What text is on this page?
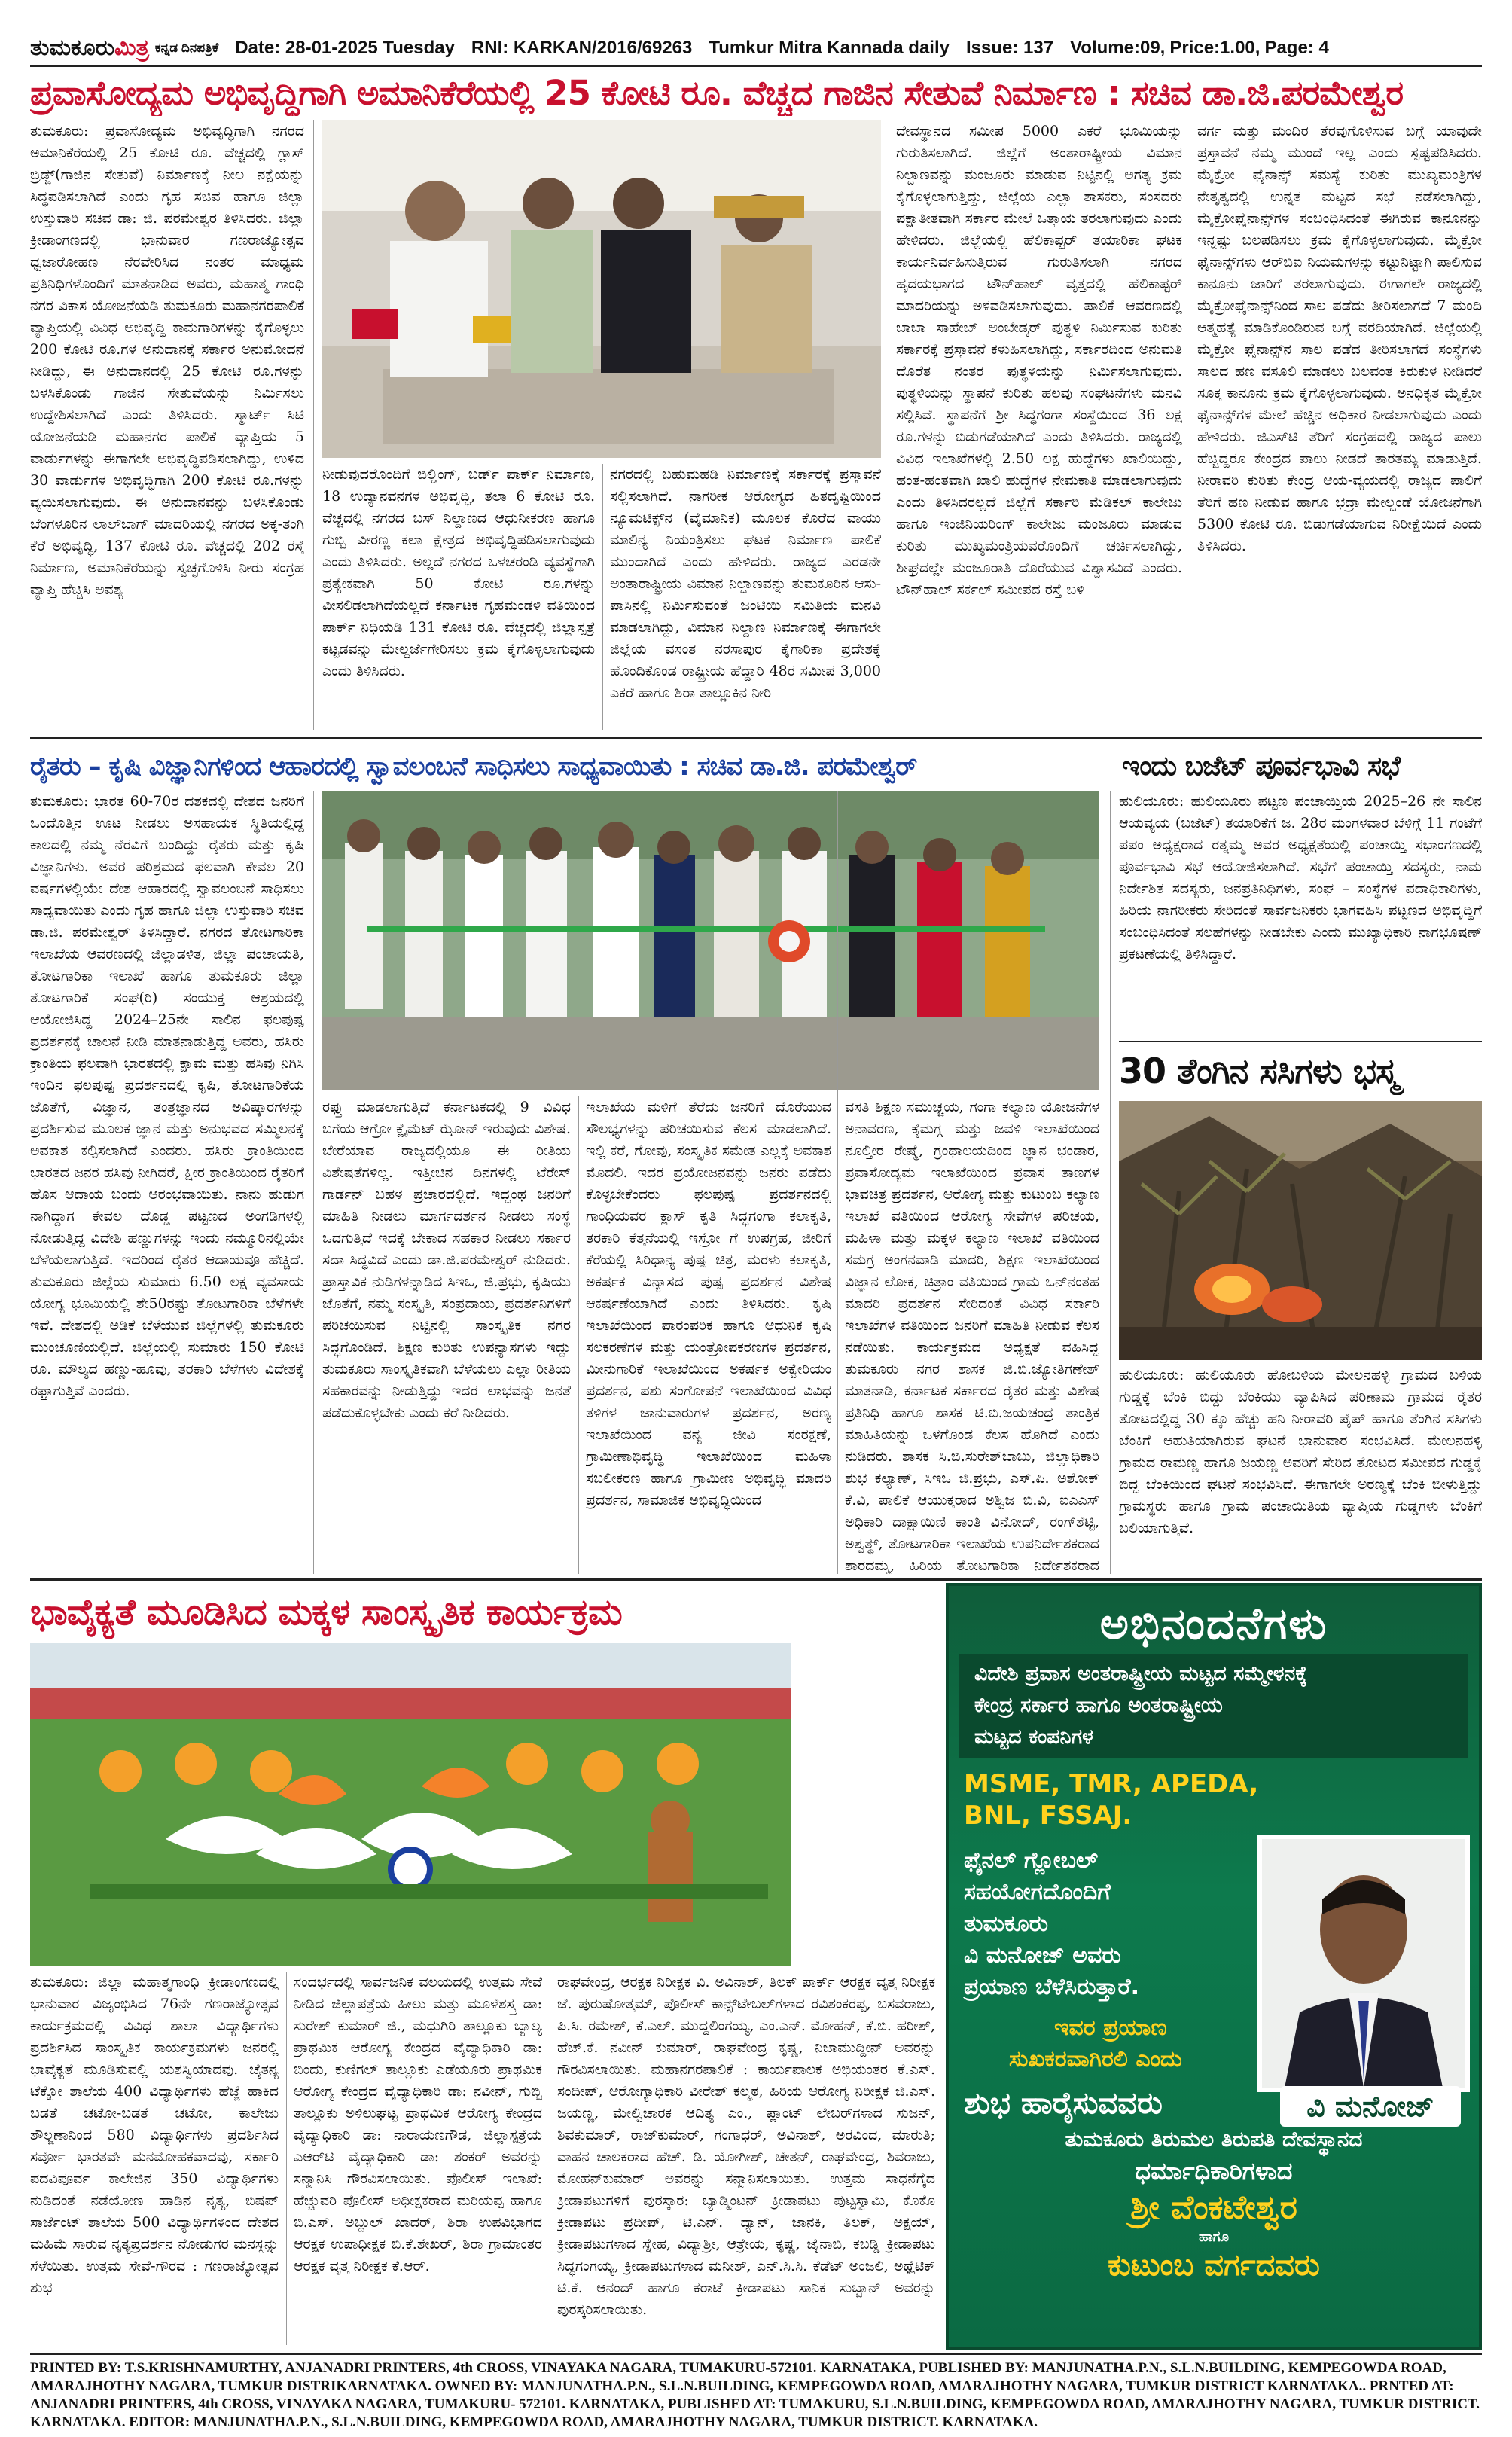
ತುಮಕೂರುಮಿತ್ರ ಕನ್ನಡ ದಿನಪತ್ರಿಕೆ Date: 28-01-2025 Tuesday RNI: KARKAN/2016/69263 Tumkur Mitra Kannada daily Issue: 137 Volume:09, Price:1.00, Page: 4
ಪ್ರವಾಸೋದ್ಯಮ ಅಭಿವೃದ್ಧಿಗಾಗಿ ಅಮಾನಿಕೆರೆಯಲ್ಲಿ 25 ಕೋಟಿ ರೂ. ವೆಚ್ಚದ ಗಾಜಿನ ಸೇತುವೆ ನಿರ್ಮಾಣ : ಸಚಿವ ಡಾ.ಜಿ.ಪರಮೇಶ್ವರ
ತುಮಕೂರು: ಪ್ರವಾಸೋದ್ಯಮ ಅಭಿವೃದ್ಧಿಗಾಗಿ ನಗರದ ಅಮಾನಿಕೆರೆಯಲ್ಲಿ 25 ಕೋಟಿ ರೂ. ವೆಚ್ಚದಲ್ಲಿ ಗ್ಲಾಸ್ ಬ್ರಿಡ್ಜ್(ಗಾಜಿನ ಸೇತುವೆ) ನಿರ್ಮಾಣಕ್ಕೆ ನೀಲ ನಕ್ಷೆಯನ್ನು ಸಿದ್ಧಪಡಿಸಲಾಗಿದೆ ಎಂದು ಗೃಹ ಸಚಿವ ಹಾಗೂ ಜಿಲ್ಲಾ ಉಸ್ತುವಾರಿ ಸಚಿವ ಡಾ: ಜಿ. ಪರಮೇಶ್ವರ ತಿಳಿಸಿದರು. ಜಿಲ್ಲಾ ಕ್ರೀಡಾಂಗಣದಲ್ಲಿ ಭಾನುವಾರ ಗಣರಾಜ್ಯೋತ್ಸವ ಧ್ವಜಾರೋಹಣ ನೆರವೇರಿಸಿದ ನಂತರ ಮಾಧ್ಯಮ ಪ್ರತಿನಿಧಿಗಳೊಂದಿಗೆ ಮಾತನಾಡಿದ ಅವರು, ಮಹಾತ್ಮ ಗಾಂಧಿ ನಗರ ವಿಕಾಸ ಯೋಜನೆಯಡಿ ತುಮಕೂರು ಮಹಾನಗರಪಾಲಿಕೆ ವ್ಯಾಪ್ತಿಯಲ್ಲಿ ವಿವಿಧ ಅಭಿವೃದ್ಧಿ ಕಾಮಗಾರಿಗಳನ್ನು ಕೈಗೊಳ್ಳಲು 200 ಕೋಟಿ ರೂ.ಗಳ ಅನುದಾನಕ್ಕೆ ಸರ್ಕಾರ ಅನುಮೋದನೆ ನೀಡಿದ್ದು, ಈ ಅನುದಾನದಲ್ಲಿ 25 ಕೋಟಿ ರೂ.ಗಳನ್ನು ಬಳಸಿಕೊಂಡು ಗಾಜಿನ ಸೇತುವೆಯನ್ನು ನಿರ್ಮಿಸಲು ಉದ್ದೇಶಿಸಲಾಗಿದೆ ಎಂದು ತಿಳಿಸಿದರು. ಸ್ಮಾರ್ಟ್ ಸಿಟಿ ಯೋಜನೆಯಡಿ ಮಹಾನಗರ ಪಾಲಿಕೆ ವ್ಯಾಪ್ತಿಯ 5 ವಾರ್ಡುಗಳನ್ನು ಈಗಾಗಲೇ ಅಭಿವೃದ್ಧಿಪಡಿಸಲಾಗಿದ್ದು, ಉಳಿದ 30 ವಾರ್ಡುಗಳ ಅಭಿವೃದ್ಧಿಗಾಗಿ 200 ಕೋಟಿ ರೂ.ಗಳನ್ನು ವ್ಯಯಿಸಲಾಗುವುದು. ಈ ಅನುದಾನವನ್ನು ಬಳಸಿಕೊಂಡು ಬೆಂಗಳೂರಿನ ಲಾಲ್‌ಬಾಗ್ ಮಾದರಿಯಲ್ಲಿ ನಗರದ ಅಕ್ಕ-ತಂಗಿ ಕೆರೆ ಅಭಿವೃದ್ಧಿ, 137 ಕೋಟಿ ರೂ. ವೆಚ್ಚದಲ್ಲಿ 202 ರಸ್ತೆ ನಿರ್ಮಾಣ, ಅಮಾನಿಕೆರೆಯನ್ನು ಸ್ವಚ್ಛಗೊಳಿಸಿ ನೀರು ಸಂಗ್ರಹ ವ್ಯಾಪ್ತಿ ಹೆಚ್ಚಿಸಿ ಅವಶ್ಯ
ನೀಡುವುದರೊಂದಿಗೆ ಬಿಲ್ಡಿಂಗ್, ಬರ್ಡ್ ಪಾರ್ಕ್ ನಿರ್ಮಾಣ, 18 ಉದ್ಯಾನವನಗಳ ಅಭಿವೃದ್ಧಿ, ತಲಾ 6 ಕೋಟಿ ರೂ. ವೆಚ್ಚದಲ್ಲಿ ನಗರದ ಬಸ್ ನಿಲ್ದಾಣದ ಆಧುನೀಕರಣ ಹಾಗೂ ಗುಬ್ಬಿ ವೀರಣ್ಣ ಕಲಾ ಕ್ಷೇತ್ರದ ಅಭಿವೃದ್ಧಿಪಡಿಸಲಾಗುವುದು ಎಂದು ತಿಳಿಸಿದರು. ಅಲ್ಲದೆ ನಗರದ ಒಳಚರಂಡಿ ವ್ಯವಸ್ಥೆಗಾಗಿ ಪ್ರತ್ಯೇಕವಾಗಿ 50 ಕೋಟಿ ರೂ.ಗಳನ್ನು ವೀಸಲಿಡಲಾಗಿದೆಯಲ್ಲದೆ ಕರ್ನಾಟಕ ಗೃಹಮಂಡಳಿ ವತಿಯಿಂದ ಪಾರ್ಕ್ ನಿಧಿಯಡಿ 131 ಕೋಟಿ ರೂ. ವೆಚ್ಚದಲ್ಲಿ ಜಿಲ್ಲಾಸ್ಪತ್ರೆ ಕಟ್ಟಡವನ್ನು ಮೇಲ್ದರ್ಜೆಗೇರಿಸಲು ಕ್ರಮ ಕೈಗೊಳ್ಳಲಾಗುವುದು ಎಂದು ತಿಳಿಸಿದರು.
ನಗರದಲ್ಲಿ ಬಹುಮಹಡಿ ನಿರ್ಮಾಣಕ್ಕೆ ಸರ್ಕಾರಕ್ಕೆ ಪ್ರಸ್ತಾವನೆ ಸಲ್ಲಿಸಲಾಗಿದೆ. ನಾಗರೀಕ ಆರೋಗ್ಯದ ಹಿತದೃಷ್ಟಿಯಿಂದ ನ್ಯೂಮಟಿಕ್ಸ್‌ನ (ವೈಮಾನಿಕ) ಮೂಲಕ ಕೊರೆದ ವಾಯು ಮಾಲಿನ್ಯ ನಿಯಂತ್ರಿಸಲು ಘಟಕ ನಿರ್ಮಾಣ ಪಾಲಿಕೆ ಮುಂದಾಗಿದೆ ಎಂದು ಹೇಳಿದರು. ರಾಜ್ಯದ ಎರಡನೇ ಅಂತಾರಾಷ್ಟ್ರೀಯ ವಿಮಾನ ನಿಲ್ದಾಣವನ್ನು ತುಮಕೂರಿನ ಆಸು-ಪಾಸಿನಲ್ಲಿ ನಿರ್ಮಿಸುವಂತೆ ಜಂಟಿಯಿ ಸಮಿತಿಯ ಮನವಿ ಮಾಡಲಾಗಿದ್ದು, ವಿಮಾನ ನಿಲ್ದಾಣ ನಿರ್ಮಾಣಕ್ಕೆ ಈಗಾಗಲೇ ಜಿಲ್ಲೆಯ ವಸಂತ ನರಸಾಪುರ ಕೈಗಾರಿಕಾ ಪ್ರದೇಶಕ್ಕೆ ಹೊಂದಿಕೊಂಡ ರಾಷ್ಟ್ರೀಯ ಹೆದ್ದಾರಿ 48ರ ಸಮೀಪ 3,000 ಎಕರೆ ಹಾಗೂ ಶಿರಾ ತಾಲ್ಲೂಕಿನ ನೀರಿ
ದೇವಸ್ಥಾನದ ಸಮೀಪ 5000 ಎಕರೆ ಭೂಮಿಯನ್ನು ಗುರುತಿಸಲಾಗಿದೆ. ಜಿಲ್ಲೆಗೆ ಅಂತಾರಾಷ್ಟ್ರೀಯ ವಿಮಾನ ನಿಲ್ದಾಣವನ್ನು ಮಂಜೂರು ಮಾಡುವ ನಿಟ್ಟಿನಲ್ಲಿ ಅಗತ್ಯ ಕ್ರಮ ಕೈಗೊಳ್ಳಲಾಗುತ್ತಿದ್ದು, ಜಿಲ್ಲೆಯ ಎಲ್ಲಾ ಶಾಸಕರು, ಸಂಸದರು ಪಕ್ಷಾತೀತವಾಗಿ ಸರ್ಕಾರ ಮೇಲೆ ಒತ್ತಾಯ ತರಲಾಗುವುದು ಎಂದು ಹೇಳಿದರು. ಜಿಲ್ಲೆಯಲ್ಲಿ ಹೆಲಿಕಾಪ್ಟರ್ ತಯಾರಿಕಾ ಘಟಕ ಕಾರ್ಯನಿರ್ವಹಿಸುತ್ತಿರುವ ಗುರುತಿಸಲಾಗಿ ನಗರದ ಹೃದಯಭಾಗದ ಟೌನ್‌ಹಾಲ್ ವೃತ್ತದಲ್ಲಿ ಹೆಲಿಕಾಪ್ಟರ್ ಮಾದರಿಯನ್ನು ಅಳವಡಿಸಲಾಗುವುದು. ಪಾಲಿಕೆ ಆವರಣದಲ್ಲಿ ಬಾಬಾ ಸಾಹೇಬ್ ಅಂಬೇಡ್ಕರ್ ಪುತ್ಥಳಿ ನಿರ್ಮಿಸುವ ಕುರಿತು ಸರ್ಕಾರಕ್ಕೆ ಪ್ರಸ್ತಾವನೆ ಕಳುಹಿಸಲಾಗಿದ್ದು, ಸರ್ಕಾರದಿಂದ ಅನುಮತಿ ದೊರೆತ ನಂತರ ಪುತ್ಥಳಿಯನ್ನು ನಿರ್ಮಿಸಲಾಗುವುದು. ಪುತ್ಥಳಿಯನ್ನು ಸ್ಥಾಪನೆ ಕುರಿತು ಹಲವು ಸಂಘಟನೆಗಳು ಮನವಿ ಸಲ್ಲಿಸಿವೆ. ಸ್ಥಾಪನೆಗೆ ಶ್ರೀ ಸಿದ್ಧಗಂಗಾ ಸಂಸ್ಥೆಯಿಂದ 36 ಲಕ್ಷ ರೂ.ಗಳನ್ನು ಬಿಡುಗಡೆಯಾಗಿದೆ ಎಂದು ತಿಳಿಸಿದರು. ರಾಜ್ಯದಲ್ಲಿ ವಿವಿಧ ಇಲಾಖೆಗಳಲ್ಲಿ 2.50 ಲಕ್ಷ ಹುದ್ದೆಗಳು ಖಾಲಿಯಿದ್ದು, ಹಂತ-ಹಂತವಾಗಿ ಖಾಲಿ ಹುದ್ದೆಗಳ ನೇಮಕಾತಿ ಮಾಡಲಾಗುವುದು ಎಂದು ತಿಳಿಸಿದರಲ್ಲದೆ ಜಿಲ್ಲೆಗೆ ಸರ್ಕಾರಿ ಮೆಡಿಕಲ್ ಕಾಲೇಜು ಹಾಗೂ ಇಂಜಿನಿಯರಿಂಗ್ ಕಾಲೇಜು ಮಂಜೂರು ಮಾಡುವ ಕುರಿತು ಮುಖ್ಯಮಂತ್ರಿಯವರೊಂದಿಗೆ ಚರ್ಚಿಸಲಾಗಿದ್ದು, ಶೀಘ್ರದಲ್ಲೇ ಮಂಜೂರಾತಿ ದೊರೆಯುವ ವಿಶ್ವಾಸವಿದೆ ಎಂದರು. ಟೌನ್‌ಹಾಲ್ ಸರ್ಕಲ್ ಸಮೀಪದ ರಸ್ತೆ ಬಳಿ
ವರ್ಗ ಮತ್ತು ಮಂದಿರ ತೆರವುಗೊಳಿಸುವ ಬಗ್ಗೆ ಯಾವುದೇ ಪ್ರಸ್ತಾವನೆ ನಮ್ಮ ಮುಂದೆ ಇಲ್ಲ ಎಂದು ಸ್ಪಷ್ಟಪಡಿಸಿದರು. ಮೈಕ್ರೋ ಫೈನಾನ್ಸ್ ಸಮಸ್ಯೆ ಕುರಿತು ಮುಖ್ಯಮಂತ್ರಿಗಳ ನೇತೃತ್ವದಲ್ಲಿ ಉನ್ನತ ಮಟ್ಟದ ಸಭೆ ನಡೆಸಲಾಗಿದ್ದು, ಮೈಕ್ರೋಫೈನಾನ್ಸ್‌ಗಳ ಸಂಬಂಧಿಸಿದಂತೆ ಈಗಿರುವ ಕಾನೂನನ್ನು ಇನ್ನಷ್ಟು ಬಲಪಡಿಸಲು ಕ್ರಮ ಕೈಗೊಳ್ಳಲಾಗುವುದು. ಮೈಕ್ರೋ ಫೈನಾನ್ಸ್‌ಗಳು ಆರ್‌ಬಿಐ ನಿಯಮಗಳನ್ನು ಕಟ್ಟುನಿಟ್ಟಾಗಿ ಪಾಲಿಸುವ ಕಾನೂನು ಜಾರಿಗೆ ತರಲಾಗುವುದು. ಈಗಾಗಲೇ ರಾಜ್ಯದಲ್ಲಿ ಮೈಕ್ರೋಫೈನಾನ್ಸ್‌ನಿಂದ ಸಾಲ ಪಡೆದು ತೀರಿಸಲಾಗದೆ 7 ಮಂದಿ ಆತ್ಮಹತ್ಯೆ ಮಾಡಿಕೊಂಡಿರುವ ಬಗ್ಗೆ ವರದಿಯಾಗಿದೆ. ಜಿಲ್ಲೆಯಲ್ಲಿ ಮೈಕ್ರೋ ಫೈನಾನ್ಸ್‌ನ ಸಾಲ ಪಡೆದ ತೀರಿಸಲಾಗದೆ ಸಂಸ್ಥೆಗಳು ಸಾಲದ ಹಣ ವಸೂಲಿ ಮಾಡಲು ಬಲವಂತ ಕಿರುಕುಳ ನೀಡಿದರೆ ಸೂಕ್ತ ಕಾನೂನು ಕ್ರಮ ಕೈಗೊಳ್ಳಲಾಗುವುದು. ಅನಧಿಕೃತ ಮೈಕ್ರೋ ಫೈನಾನ್ಸ್‌ಗಳ ಮೇಲೆ ಹೆಚ್ಚಿನ ಅಧಿಕಾರ ನೀಡಲಾಗುವುದು ಎಂದು ಹೇಳಿದರು. ಜಿಎಸ್‌ಟಿ ತೆರಿಗೆ ಸಂಗ್ರಹದಲ್ಲಿ ರಾಜ್ಯದ ಪಾಲು ಹೆಚ್ಚಿದ್ದರೂ ಕೇಂದ್ರದ ಪಾಲು ನೀಡದೆ ತಾರತಮ್ಯ ಮಾಡುತ್ತಿದೆ. ನೀರಾವರಿ ಕುರಿತು ಕೇಂದ್ರ ಆಯ-ವ್ಯಯದಲ್ಲಿ ರಾಜ್ಯದ ಪಾಲಿಗೆ ತೆರಿಗೆ ಹಣ ನೀಡುವ ಹಾಗೂ ಭದ್ರಾ ಮೇಲ್ದಂಡೆ ಯೋಜನೆಗಾಗಿ 5300 ಕೋಟಿ ರೂ. ಬಿಡುಗಡೆಯಾಗುವ ನಿರೀಕ್ಷೆಯಿದೆ ಎಂದು ತಿಳಿಸಿದರು.
ರೈತರು – ಕೃಷಿ ವಿಜ್ಞಾನಿಗಳಿಂದ ಆಹಾರದಲ್ಲಿ ಸ್ವಾವಲಂಬನೆ ಸಾಧಿಸಲು ಸಾಧ್ಯವಾಯಿತು : ಸಚಿವ ಡಾ.ಜಿ. ಪರಮೇಶ್ವರ್	ಇಂದು ಬಜೆಟ್ ಪೂರ್ವಭಾವಿ ಸಭೆ
ತುಮಕೂರು: ಭಾರತ 60-70ರ ದಶಕದಲ್ಲಿ ದೇಶದ ಜನರಿಗೆ ಒಂದೊತ್ತಿನ ಊಟ ನೀಡಲು ಅಸಹಾಯಕ ಸ್ಥಿತಿಯಲ್ಲಿದ್ದ ಕಾಲದಲ್ಲಿ ನಮ್ಮ ನೆರವಿಗೆ ಬಂದಿದ್ದು ರೈತರು ಮತ್ತು ಕೃಷಿ ವಿಜ್ಞಾನಿಗಳು. ಅವರ ಪರಿಶ್ರಮದ ಫಲವಾಗಿ ಕೇವಲ 20 ವರ್ಷಗಳಲ್ಲಿಯೇ ದೇಶ ಆಹಾರದಲ್ಲಿ ಸ್ವಾವಲಂಬನೆ ಸಾಧಿಸಲು ಸಾಧ್ಯವಾಯಿತು ಎಂದು ಗೃಹ ಹಾಗೂ ಜಿಲ್ಲಾ ಉಸ್ತುವಾರಿ ಸಚಿವ ಡಾ.ಜಿ. ಪರಮೇಶ್ವರ್ ತಿಳಿಸಿದ್ದಾರೆ. ನಗರದ ತೋಟಗಾರಿಕಾ ಇಲಾಖೆಯ ಆವರಣದಲ್ಲಿ ಜಿಲ್ಲಾಡಳಿತ, ಜಿಲ್ಲಾ ಪಂಚಾಯತಿ, ತೋಟಗಾರಿಕಾ ಇಲಾಖೆ ಹಾಗೂ ತುಮಕೂರು ಜಿಲ್ಲಾ ತೋಟಗಾರಿಕೆ ಸಂಘ(ರಿ) ಸಂಯುಕ್ತ ಆಶ್ರಯದಲ್ಲಿ ಆಯೋಜಿಸಿದ್ದ 2024–25ನೇ ಸಾಲಿನ ಫಲಪುಷ್ಪ ಪ್ರದರ್ಶನಕ್ಕೆ ಚಾಲನೆ ನೀಡಿ ಮಾತನಾಡುತ್ತಿದ್ದ ಅವರು, ಹಸಿರು ಕ್ರಾಂತಿಯ ಫಲವಾಗಿ ಭಾರತದಲ್ಲಿ ಕ್ಷಾಮ ಮತ್ತು ಹಸಿವು ನಿಗಿಸಿ ಇಂದಿನ ಫಲಪುಷ್ಪ ಪ್ರದರ್ಶನದಲ್ಲಿ ಕೃಷಿ, ತೋಟಗಾರಿಕೆಯ ಜೊತೆಗೆ, ವಿಜ್ಞಾನ, ತಂತ್ರಜ್ಞಾನದ ಅವಿಷ್ಕಾರಗಳನ್ನು ಪ್ರದರ್ಶಿಸುವ ಮೂಲಕ ಜ್ಞಾನ ಮತ್ತು ಅನುಭವದ ಸಮ್ಮಿಲನಕ್ಕೆ ಅವಕಾಶ ಕಲ್ಪಿಸಲಾಗಿದೆ ಎಂದರು. ಹಸಿರು ಕ್ರಾಂತಿಯಿಂದ ಭಾರತದ ಜನರ ಹಸಿವು ನೀಗಿದರೆ, ಕ್ಷೀರ ಕ್ರಾಂತಿಯಿಂದ ರೈತರಿಗೆ ಹೊಸ ಆದಾಯ ಬಂದು ಆರಂಭವಾಯಿತು. ನಾನು ಹುಡುಗ ನಾಗಿದ್ದಾಗ ಕೇವಲ ದೊಡ್ಡ ಪಟ್ಟಣದ ಅಂಗಡಿಗಳಲ್ಲಿ ನೋಡುತ್ತಿದ್ದ ವಿದೇಶಿ ಹಣ್ಣುಗಳನ್ನು ಇಂದು ನಮ್ಮೂರಿನಲ್ಲಿಯೇ ಬೆಳೆಯಲಾಗುತ್ತಿದೆ. ಇದರಿಂದ ರೈತರ ಆದಾಯವೂ ಹೆಚ್ಚಿದೆ. ತುಮಕೂರು ಜಿಲ್ಲೆಯ ಸುಮಾರು 6.50 ಲಕ್ಷ ವ್ಯವಸಾಯ ಯೋಗ್ಯ ಭೂಮಿಯಲ್ಲಿ ಶೇ50ರಷ್ಟು ತೋಟಗಾರಿಕಾ ಬೆಳೆಗಳೇ ಇವೆ. ದೇಶದಲ್ಲಿ ಅಡಿಕೆ ಬೆಳೆಯುವ ಜಿಲ್ಲೆಗಳಲ್ಲಿ ತುಮಕೂರು ಮುಂಚೂಣಿಯಲ್ಲಿದೆ. ಜಿಲ್ಲೆಯಲ್ಲಿ ಸುಮಾರು 150 ಕೋಟಿ ರೂ. ಮೌಲ್ಯದ ಹಣ್ಣು-ಹೂವು, ತರಕಾರಿ ಬೆಳೆಗಳು ವಿದೇಶಕ್ಕೆ ರಫ್ತಾಗುತ್ತಿವೆ ಎಂದರು.
ರಫ್ತು ಮಾಡಲಾಗುತ್ತಿದೆ ಕರ್ನಾಟಕದಲ್ಲಿ 9 ವಿವಿಧ ಬಗೆಯ ಆಗ್ರೋ ಕ್ಲೈಮೆಟ್ ಝೋನ್ ಇರುವುದು ವಿಶೇಷ. ಬೇರೆಯಾವ ರಾಜ್ಯದಲ್ಲಿಯೂ ಈ ರೀತಿಯ ವಿಶೇಷತೆಗಳಿಲ್ಲ. ಇತ್ತೀಚಿನ ದಿನಗಳಲ್ಲಿ ಟೆರೇಸ್ ಗಾರ್ಡನ್ ಬಹಳ ಪ್ರಚಾರದಲ್ಲಿದೆ. ಇದ್ದಂಥ ಜನರಿಗೆ ಮಾಹಿತಿ ನೀಡಲು ಮಾರ್ಗದರ್ಶನ ನೀಡಲು ಸಂಸ್ಥೆ ಒದಗುತ್ತಿದೆ ಇದಕ್ಕೆ ಬೇಕಾದ ಸಹಕಾರ ನೀಡಲು ಸರ್ಕಾರ ಸದಾ ಸಿದ್ಧವಿದೆ ಎಂದು ಡಾ.ಜಿ.ಪರಮೇಶ್ವರ್ ನುಡಿದರು. ಪ್ರಾಸ್ತಾವಿಕ ನುಡಿಗಳನ್ನಾಡಿದ ಸಿಇಒ, ಜಿ.ಪ್ರಭು, ಕೃಷಿಯು ಜೊತೆಗೆ, ನಮ್ಮ ಸಂಸ್ಕೃತಿ, ಸಂಪ್ರದಾಯ, ಪ್ರದರ್ಶನಿಗಳಿಗೆ ಪರಿಚಯಿಸುವ ನಿಟ್ಟಿನಲ್ಲಿ ಸಾಂಸ್ಕೃತಿಕ ನಗರ ಸಿದ್ಧಗೊಂಡಿದೆ. ಶಿಕ್ಷಣ ಕುರಿತು ಉಪನ್ಯಾಸಗಳು ಇದ್ದು ತುಮಕೂರು ಸಾಂಸ್ಕೃತಿಕವಾಗಿ ಬೆಳೆಯಲು ಎಲ್ಲಾ ರೀತಿಯ ಸಹಕಾರವನ್ನು ನೀಡುತ್ತಿದ್ದು ಇದರ ಲಾಭವನ್ನು ಜನತೆ ಪಡೆದುಕೊಳ್ಳಬೇಕು ಎಂದು ಕರೆ ನೀಡಿದರು.
ಇಲಾಖೆಯ ಮಳಿಗೆ ತೆರೆದು ಜನರಿಗೆ ದೊರೆಯುವ ಸೌಲಭ್ಯಗಳನ್ನು ಪರಿಚಯಿಸುವ ಕೆಲಸ ಮಾಡಲಾಗಿದೆ. ಇಲ್ಲಿ ಕರೆ, ಗೋವು, ಸಂಸ್ಕೃತಿಕ ಸಮೇತ ಎಲ್ಲಕ್ಕೆ ಅವಕಾಶ ಮೊದಲಿ. ಇದರ ಪ್ರಯೋಜನವನ್ನು ಜನರು ಪಡೆದು ಕೊಳ್ಳಬೇಕೆಂದರು ಫಲಪುಷ್ಪ ಪ್ರದರ್ಶನದಲ್ಲಿ ಗಾಂಧಿಯವರ ಕ್ಲಾಸ್ ಕೃತಿ ಸಿದ್ಧಗಂಗಾ ಕಲಾಕೃತಿ, ತರಕಾರಿ ಕೆತ್ತನೆಯಲ್ಲಿ ಇಸ್ರೋ ಗೆ ಉಪಗ್ರಹ, ಜೀರಿಗೆ ಕೆರೆಯಲ್ಲಿ ಸಿರಿಧಾನ್ಯ ಪುಷ್ಪ ಚಿತ್ರ, ಮರಳು ಕಲಾಕೃತಿ, ಅಕರ್ಷಕ ವಿನ್ಯಾಸದ ಪುಷ್ಪ ಪ್ರದರ್ಶನ ವಿಶೇಷ ಆಕರ್ಷಣೆಯಾಗಿದೆ ಎಂದು ತಿಳಿಸಿದರು. ಕೃಷಿ ಇಲಾಖೆಯಿಂದ ಪಾರಂಪರಿಕ ಹಾಗೂ ಆಧುನಿಕ ಕೃಷಿ ಸಲಕರಣೆಗಳ ಮತ್ತು ಯಂತ್ರೋಪಕರಣಗಳ ಪ್ರದರ್ಶನ, ಮೀನುಗಾರಿಕೆ ಇಲಾಖೆಯಿಂದ ಅಕರ್ಷಕ ಅಕ್ವೇರಿಯಂ ಪ್ರದರ್ಶನ, ಪಶು ಸಂಗೋಪನೆ ಇಲಾಖೆಯಿಂದ ವಿವಿಧ ತಳಿಗಳ ಜಾನುವಾರುಗಳ ಪ್ರದರ್ಶನ, ಅರಣ್ಯ ಇಲಾಖೆಯಿಂದ ವನ್ಯ ಜೀವಿ ಸಂರಕ್ಷಣೆ, ಗ್ರಾಮೀಣಾಭಿವೃದ್ಧಿ ಇಲಾಖೆಯಿಂದ ಮಹಿಳಾ ಸಬಲೀಕರಣ ಹಾಗೂ ಗ್ರಾಮೀಣ ಅಭಿವೃದ್ಧಿ ಮಾದರಿ ಪ್ರದರ್ಶನ, ಸಾಮಾಜಿಕ ಅಭಿವೃದ್ಧಿಯಿಂದ
ವಸತಿ ಶಿಕ್ಷಣ ಸಮುಚ್ಚಯ, ಗಂಗಾ ಕಲ್ಯಾಣ ಯೋಜನೆಗಳ ಅನಾವರಣ, ಕೈಮಗ್ಗ ಮತ್ತು ಜವಳಿ ಇಲಾಖೆಯಿಂದ ನೂಲ್ತೀರ ರೇಷ್ಮೆ, ಗ್ರಂಥಾಲಯದಿಂದ ಜ್ಞಾನ ಭಂಡಾರ, ಪ್ರವಾಸೋದ್ಯಮ ಇಲಾಖೆಯಿಂದ ಪ್ರವಾಸ ತಾಣಗಳ ಭಾವಚಿತ್ರ ಪ್ರದರ್ಶನ, ಆರೋಗ್ಯ ಮತ್ತು ಕುಟುಂಬ ಕಲ್ಯಾಣ ಇಲಾಖೆ ವತಿಯಿಂದ ಆರೋಗ್ಯ ಸೇವೆಗಳ ಪರಿಚಯ, ಮಹಿಳಾ ಮತ್ತು ಮಕ್ಕಳ ಕಲ್ಯಾಣ ಇಲಾಖೆ ವತಿಯಿಂದ ಸಮಗ್ರ ಅಂಗನವಾಡಿ ಮಾದರಿ, ಶಿಕ್ಷಣ ಇಲಾಖೆಯಿಂದ ವಿಜ್ಞಾನ ಲೋಕ, ಚಿತ್ರಾಂ ವತಿಯಿಂದ ಗ್ರಾಮ ಒನ್‌ನಂತಹ ಮಾದರಿ ಪ್ರದರ್ಶನ ಸೇರಿದಂತೆ ವಿವಿಧ ಸರ್ಕಾರಿ ಇಲಾಖೆಗಳ ವತಿಯಿಂದ ಜನರಿಗೆ ಮಾಹಿತಿ ನೀಡುವ ಕೆಲಸ ನಡೆಯಿತು. ಕಾರ್ಯಕ್ರಮದ ಅಧ್ಯಕ್ಷತೆ ವಹಿಸಿದ್ದ ತುಮಕೂರು ನಗರ ಶಾಸಕ ಜಿ.ಬಿ.ಜ್ಯೋತಿಗಣೇಶ್ ಮಾತನಾಡಿ, ಕರ್ನಾಟಕ ಸರ್ಕಾರದ ರೈತರ ಮತ್ತು ವಿಶೇಷ ಪ್ರತಿನಿಧಿ ಹಾಗೂ ಶಾಸಕ ಟಿ.ಬಿ.ಜಯಚಂದ್ರ ತಾಂತ್ರಿಕ ಮಾಹಿತಿಯನ್ನು ಒಳಗೊಂಡ ಕೆಲಸ ಹೊಗಿದೆ ಎಂದು ನುಡಿದರು. ಶಾಸಕ ಸಿ.ಬಿ.ಸುರೇಶ್‌ಬಾಬು, ಜಿಲ್ಲಾಧಿಕಾರಿ ಶುಭ ಕಲ್ಯಾಣ್, ಸಿಇಒ ಜಿ.ಪ್ರಭು, ಎಸ್.ಪಿ. ಅಶೋಕ್ ಕೆ.ವಿ, ಪಾಲಿಕೆ ಆಯುಕ್ತರಾದ ಅಶ್ವಿಜ ಬಿ.ವಿ, ಐಎಎಸ್ ಅಧಿಕಾರಿ ದಾಕ್ಷಾಯಿಣಿ ಕಾಂತಿ ವಿನೋದ್, ರಂಗ್‌ಶೆಟ್ಟಿ, ಅಶ್ವತ್ಥ್, ತೋಟಗಾರಿಕಾ ಇಲಾಖೆಯ ಉಪನಿರ್ದೇಶಕರಾದ ಶಾರದಮ್ಮ, ಹಿರಿಯ ತೋಟಗಾರಿಕಾ ನಿರ್ದೇಶಕರಾದ
ಹುಲಿಯೂರು: ಹುಲಿಯೂರು ಪಟ್ಟಣ ಪಂಚಾಯ್ತಿಯ 2025–26 ನೇ ಸಾಲಿನ ಆಯವ್ಯಯ (ಬಜೆಟ್) ತಯಾರಿಕೆಗೆ ಜ. 28ರ ಮಂಗಳವಾರ ಬೆಳಿಗ್ಗೆ 11 ಗಂಟೆಗೆ ಪಪಂ ಅಧ್ಯಕ್ಷರಾದ ರತ್ನಮ್ಮ ಅವರ ಅಧ್ಯಕ್ಷತೆಯಲ್ಲಿ ಪಂಚಾಯ್ತಿ ಸಭಾಂಗಣದಲ್ಲಿ ಪೂರ್ವಭಾವಿ ಸಭೆ ಆಯೋಜಿಸಲಾಗಿದೆ. ಸಭೆಗೆ ಪಂಚಾಯ್ತಿ ಸದಸ್ಯರು, ನಾಮ ನಿರ್ದೇಶಿತ ಸದಸ್ಯರು, ಜನಪ್ರತಿನಿಧಿಗಳು, ಸಂಘ – ಸಂಸ್ಥೆಗಳ ಪದಾಧಿಕಾರಿಗಳು, ಹಿರಿಯ ನಾಗರೀಕರು ಸೇರಿದಂತೆ ಸಾರ್ವಜನಿಕರು ಭಾಗವಹಿಸಿ ಪಟ್ಟಣದ ಅಭಿವೃದ್ಧಿಗೆ ಸಂಬಂಧಿಸಿದಂತೆ ಸಲಹೆಗಳನ್ನು ನೀಡಬೇಕು ಎಂದು ಮುಖ್ಯಾಧಿಕಾರಿ ನಾಗಭೂಷಣ್ ಪ್ರಕಟಣೆಯಲ್ಲಿ ತಿಳಿಸಿದ್ದಾರೆ.
30 ತೆಂಗಿನ ಸಸಿಗಳು ಭಸ್ಮ
ಹುಲಿಯೂರು: ಹುಲಿಯೂರು ಹೋಬಳಿಯ ಮೇಲನಹಳ್ಳಿ ಗ್ರಾಮದ ಬಳಿಯ ಗುಡ್ಡಕ್ಕೆ ಬೆಂಕಿ ಬಿದ್ದು ಬೆಂಕಿಯು ವ್ಯಾಪಿಸಿದ ಪರಿಣಾಮ ಗ್ರಾಮದ ರೈತರ ತೋಟದಲ್ಲಿದ್ದ 30 ಕ್ಕೂ ಹೆಚ್ಚು ಹನಿ ನೀರಾವರಿ ಪೈಪ್ ಹಾಗೂ ತೆಂಗಿನ ಸಸಿಗಳು ಬೆಂಕಿಗೆ ಆಹುತಿಯಾಗಿರುವ ಘಟನೆ ಭಾನುವಾರ ಸಂಭವಿಸಿದೆ. ಮೇಲನಹಳ್ಳಿ ಗ್ರಾಮದ ರಾಮಣ್ಣ ಹಾಗೂ ಜಯಣ್ಣ ಅವರಿಗೆ ಸೇರಿದ ತೋಟದ ಸಮೀಪದ ಗುಡ್ಡಕ್ಕೆ ಬಿದ್ದ ಬೆಂಕಿಯಿಂದ ಘಟನೆ ಸಂಭವಿಸಿದೆ. ಈಗಾಗಲೇ ಅರಣ್ಯಕ್ಕೆ ಬೆಂಕಿ ಬೀಳುತ್ತಿದ್ದು ಗ್ರಾಮಸ್ಥರು ಹಾಗೂ ಗ್ರಾಮ ಪಂಚಾಯಿತಿಯ ವ್ಯಾಪ್ತಿಯ ಗುಡ್ಡಗಳು ಬೆಂಕಿಗೆ ಬಲಿಯಾಗುತ್ತಿವೆ.
ಭಾವೈಕ್ಯತೆ ಮೂಡಿಸಿದ ಮಕ್ಕಳ ಸಾಂಸ್ಕೃತಿಕ ಕಾರ್ಯಕ್ರಮ
ತುಮಕೂರು: ಜಿಲ್ಲಾ ಮಹಾತ್ಮಗಾಂಧಿ ಕ್ರೀಡಾಂಗಣದಲ್ಲಿ ಭಾನುವಾರ ವಿಜೃಂಭಿಸಿದ 76ನೇ ಗಣರಾಜ್ಯೋತ್ಸವ ಕಾರ್ಯಕ್ರಮದಲ್ಲಿ ವಿವಿಧ ಶಾಲಾ ವಿದ್ಯಾರ್ಥಿಗಳು ಪ್ರದರ್ಶಿಸಿದ ಸಾಂಸ್ಕೃತಿಕ ಕಾರ್ಯಕ್ರಮಗಳು ಜನರಲ್ಲಿ ಭಾವೈಕ್ಯತೆ ಮೂಡಿಸುವಲ್ಲಿ ಯಶಸ್ವಿಯಾದವು. ಚೈತನ್ಯ ಟೆಕ್ನೋ ಶಾಲೆಯ 400 ವಿದ್ಯಾರ್ಥಿಗಳು ಹೆಜ್ಜೆ ಹಾಕಿದ ಬಡತೆ ಚಟೋ-ಬಡತೆ ಚಟೋ, ಕಾಲೇಜು ಶೌಲ್ಜಣಾನಿಂದ 580 ವಿದ್ಯಾರ್ಥಿಗಳು ಪ್ರದರ್ಶಿಸಿದ ಸರ್ವೋ ಭಾರತವೇ ಮನಮೋಹಕವಾದವು, ಸರ್ಕಾರಿ ಪದವಿಪೂರ್ವ ಕಾಲೇಜಿನ 350 ವಿದ್ಯಾರ್ಥಿಗಳು ನುಡಿದಂತೆ ನಡೆಯೋಣ ಹಾಡಿನ ನೃತ್ಯ, ಬಿಷಪ್ ಸಾರ್ಜೆಂಟ್ ಶಾಲೆಯ 500 ವಿದ್ಯಾರ್ಥಿಗಳಿಂದ ದೇಶದ ಮಹಿಮೆ ಸಾರುವ ನೃತ್ಯಪ್ರದರ್ಶನ ನೋಡುಗರ ಮನಸ್ಸನ್ನು ಸೆಳೆಯಿತು. ಉತ್ತಮ ಸೇವೆ-ಗೌರವ : ಗಣರಾಜ್ಯೋತ್ಸವ ಶುಭ
ಸಂದರ್ಭದಲ್ಲಿ ಸಾರ್ವಜನಿಕ ವಲಯದಲ್ಲಿ ಉತ್ತಮ ಸೇವೆ ನೀಡಿದ ಜಿಲ್ಲಾಪತ್ರೆಯ ಹೀಲು ಮತ್ತು ಮೂಳೆಶಸ್ತ್ರ ಡಾ: ಸುರೇಶ್ ಕುಮಾರ್ ಜಿ., ಮಧುಗಿರಿ ತಾಲ್ಲೂಕು ಬ್ಯಾಲ್ಯ ಪ್ರಾಥಮಿಕ ಆರೋಗ್ಯ ಕೇಂದ್ರದ ವೈದ್ಯಾಧಿಕಾರಿ ಡಾ: ಬಿಂದು, ಕುಣಿಗಲ್ ತಾಲ್ಲೂಕು ಎಡೆಯೂರು ಪ್ರಾಥಮಿಕ ಆರೋಗ್ಯ ಕೇಂದ್ರದ ವೈದ್ಯಾಧಿಕಾರಿ ಡಾ: ನವೀನ್, ಗುಬ್ಬಿ ತಾಲ್ಲೂಕು ಅಳಿಲುಘಟ್ಟ ಪ್ರಾಥಮಿಕ ಆರೋಗ್ಯ ಕೇಂದ್ರದ ವೈದ್ಯಾಧಿಕಾರಿ ಡಾ: ನಾರಾಯಣಗೌಡ, ಜಿಲ್ಲಾಸ್ಪತ್ರೆಯ ಎಆರ್‌ಟಿ ವೈದ್ಯಾಧಿಕಾರಿ ಡಾ: ಶಂಕರ್ ಅವರನ್ನು ಸನ್ಮಾನಿಸಿ ಗೌರವಿಸಲಾಯಿತು. ಪೊಲೀಸ್ ಇಲಾಖೆ: ಹೆಚ್ಚುವರಿ ಪೊಲೀಸ್ ಅಧೀಕ್ಷಕರಾದ ಮರಿಯಪ್ಪ ಹಾಗೂ ಬಿ.ಎಸ್. ಅಬ್ದುಲ್ ಖಾದರ್, ಶಿರಾ ಉಪವಿಭಾಗದ ಆರಕ್ಷಕ ಉಪಾಧೀಕ್ಷಕ ಬಿ.ಕೆ.ಶೇಖರ್, ಶಿರಾ ಗ್ರಾಮಾಂತರ ಆರಕ್ಷಕ ವೃತ್ತ ನಿರೀಕ್ಷಕ ಕೆ.ಆರ್.
ರಾಘವೇಂದ್ರ, ಆರಕ್ಷಕ ನಿರೀಕ್ಷಕ ವಿ. ಅವಿನಾಶ್, ತಿಲಕ್ ಪಾರ್ಕ್ ಆರಕ್ಷಕ ವೃತ್ತ ನಿರೀಕ್ಷಕ ಜೆ. ಪುರುಷೋತ್ತಮ್, ಪೊಲೀಸ್ ಕಾನ್ಸ್‌ಟೇಬಲ್‌ಗಳಾದ ರವಿಶಂಕರಪ್ಪ, ಬಸವರಾಜು, ಪಿ.ಸಿ. ರಮೇಶ್, ಕೆ.ಎಲ್. ಮುದ್ದಲಿಂಗಯ್ಯ, ಎಂ.ಎನ್. ಮೋಹನ್, ಕೆ.ಬಿ. ಹರೀಶ್, ಹೆಚ್.ಕೆ. ನವೀನ್ ಕುಮಾರ್, ರಾಘವೇಂದ್ರ ಕೃಷ್ಣ, ನಿಜಾಮುದ್ದೀನ್ ಅವರನ್ನು ಗೌರವಿಸಲಾಯಿತು. ಮಹಾನಗರಪಾಲಿಕೆ : ಕಾರ್ಯಪಾಲಕ ಅಭಿಯಂತರ ಕೆ.ಎಸ್. ಸಂದೀಪ್, ಆರೋಗ್ಯಾಧಿಕಾರಿ ವೀರೇಶ್ ಕಲ್ಮಠ, ಹಿರಿಯ ಆರೋಗ್ಯ ನಿರೀಕ್ಷಕ ಜಿ.ಎಸ್. ಜಯಣ್ಣ, ಮೇಲ್ವಿಚಾರಕ ಆದಿತ್ಯ ಎಂ., ಪ್ಲಾಂಟ್ ಲೇಬರ್‌ಗಳಾದ ಸುಜನ್, ಶಿವಕುಮಾರ್, ರಾಜ್‌ಕುಮಾರ್, ಗಂಗಾಧರ್, ಅವಿನಾಶ್, ಅರವಿಂದ, ಮಾರುತಿ; ವಾಹನ ಚಾಲಕರಾದ ಹೆಚ್. ಡಿ. ಯೋಗೀಶ್, ಚೇತನ್, ರಾಘವೇಂದ್ರ, ಶಿವರಾಜು, ಮೋಹನ್‌ಕುಮಾರ್ ಅವರನ್ನು ಸನ್ಮಾನಿಸಲಾಯಿತು. ಉತ್ತಮ ಸಾಧನೆಗೈದ ಕ್ರೀಡಾಪಟುಗಳಿಗೆ ಪುರಸ್ಕಾರ: ಬ್ಯಾಡ್ಮಿಂಟನ್ ಕ್ರೀಡಾಪಟು ಪುಟ್ಟಸ್ವಾಮಿ, ಕೊಕೊ ಕ್ರೀಡಾಪಟು ಪ್ರದೀಪ್, ಟಿ.ಎನ್. ದ್ಯಾನ್, ಜಾನಕಿ, ತಿಲಕ್, ಅಕ್ಷಯ್, ಕ್ರೀಡಾಪಟುಗಳಾದ ಸ್ನೇಹ, ವಿದ್ಯಾಶ್ರೀ, ಆತ್ರೇಯ, ಕೃಷ್ಣ, ಜೈನಾಬಿ, ಕಬಡ್ಡಿ ಕ್ರೀಡಾಪಟು ಸಿದ್ಧಗಂಗಯ್ಯ, ಕ್ರೀಡಾಪಟುಗಳಾದ ಮನೀಶ್, ಎನ್.ಸಿ.ಸಿ. ಕೆಡೆಟ್ ಅಂಜಲಿ, ಅಥ್ಲೆಟಿಕ್ ಟಿ.ಕೆ. ಆನಂದ್ ಹಾಗೂ ಕರಾಟೆ ಕ್ರೀಡಾಪಟು ಸಾನಿಕ ಸುಬ್ಬಾನ್ ಅವರನ್ನು ಪುರಸ್ಕರಿಸಲಾಯಿತು.
ಅಭಿನಂದನೆಗಳು
ವಿದೇಶಿ ಪ್ರವಾಸ ಅಂತರಾಷ್ಟ್ರೀಯ ಮಟ್ಟದ ಸಮ್ಮೇಳನಕ್ಕೆ
ಕೇಂದ್ರ ಸರ್ಕಾರ ಹಾಗೂ ಅಂತರಾಷ್ಟ್ರೀಯ
ಮಟ್ಟದ ಕಂಪನಿಗಳ
MSME, TMR, APEDA,
BNL, FSSAJ.
ಫೈನಲ್ ಗ್ಲೋಬಲ್
ಸಹಯೋಗದೊಂದಿಗೆ
ತುಮಕೂರು
ವಿ ಮನೋಜ್ ಅವರು
ಪ್ರಯಾಣ ಬೆಳೆಸಿರುತ್ತಾರೆ.
ಇವರ ಪ್ರಯಾಣ
ಸುಖಕರವಾಗಿರಲಿ ಎಂದು
ಶುಭ ಹಾರೈಸುವವರು
ತುಮಕೂರು ತಿರುಮಲ ತಿರುಪತಿ ದೇವಸ್ಥಾನದ
ಧರ್ಮಾಧಿಕಾರಿಗಳಾದ
ಶ್ರೀ ವೆಂಕಟೇಶ್ವರ
ಹಾಗೂ
ಕುಟುಂಬ ವರ್ಗದವರು
ವಿ ಮನೋಜ್
PRINTED BY: T.S.KRISHNAMURTHY, ANJANADRI PRINTERS, 4th CROSS, VINAYAKA NAGARA, TUMAKURU-572101. KARNATAKA, PUBLISHED BY: MANJUNATHA.P.N., S.L.N.BUILDING, KEMPEGOWDA ROAD, AMARAJHOTHY NAGARA, TUMKUR DISTRIKARNATAKA. OWNED BY: MANJUNATHA.P.N., S.L.N.BUILDING, KEMPEGOWDA ROAD, AMARAJHOTHY NAGARA, TUMKUR DISTRICT KARNATAKA.. PRNTED AT: ANJANADRI PRINTERS, 4th CROSS, VINAYAKA NAGARA, TUMAKURU- 572101. KARNATAKA, PUBLISHED AT: TUMAKURU, S.L.N.BUILDING, KEMPEGOWDA ROAD, AMARAJHOTHY NAGARA, TUMKUR DISTRICT. KARNATAKA. EDITOR: MANJUNATHA.P.N., S.L.N.BUILDING, KEMPEGOWDA ROAD, AMARAJHOTHY NAGARA, TUMKUR DISTRICT. KARNATAKA.
